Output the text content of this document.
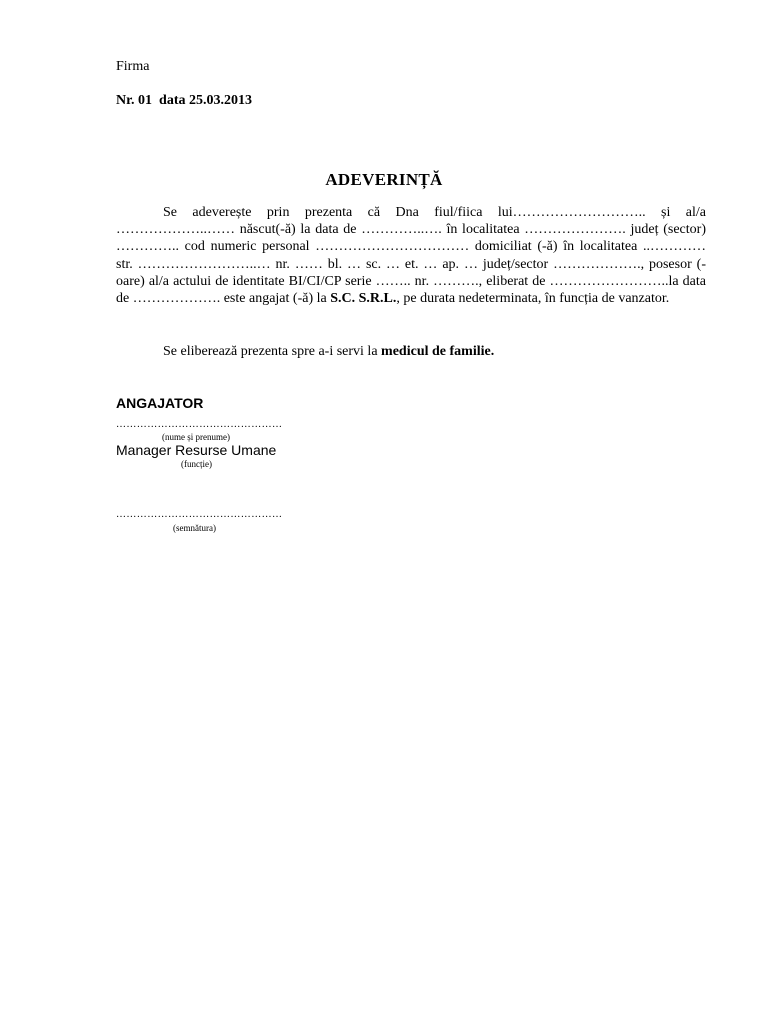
Firma
Nr. 01  data 25.03.2013
ADEVERINȚĂ

Se adeverește prin prezenta că Dna fiul/fiica lui……………………….. și al/a ………………..…… născut(-ă) la data de …………..…. în localitatea …………………. județ (sector) ………….. cod numeric personal …………………………… domiciliat (-ă) în localitatea ..………… str. ……………………..… nr. …… bl. … sc. … et. … ap. … județ/sector ………………., posesor (-oare) al/a actului de identitate BI/CI/CP serie …….. nr. ………., eliberat de ……………………..la data de ………………. este angajat (-ă) la S.C. S.R.L., pe durata nedeterminata, în funcția de vanzator.

Se eliberează prezenta spre a-i servi la medicul de familie.
ANGAJATOR
…………………………………………
(nume și prenume)
Manager Resurse Umane
(funcție)
…………………………………………
(semnătura)
